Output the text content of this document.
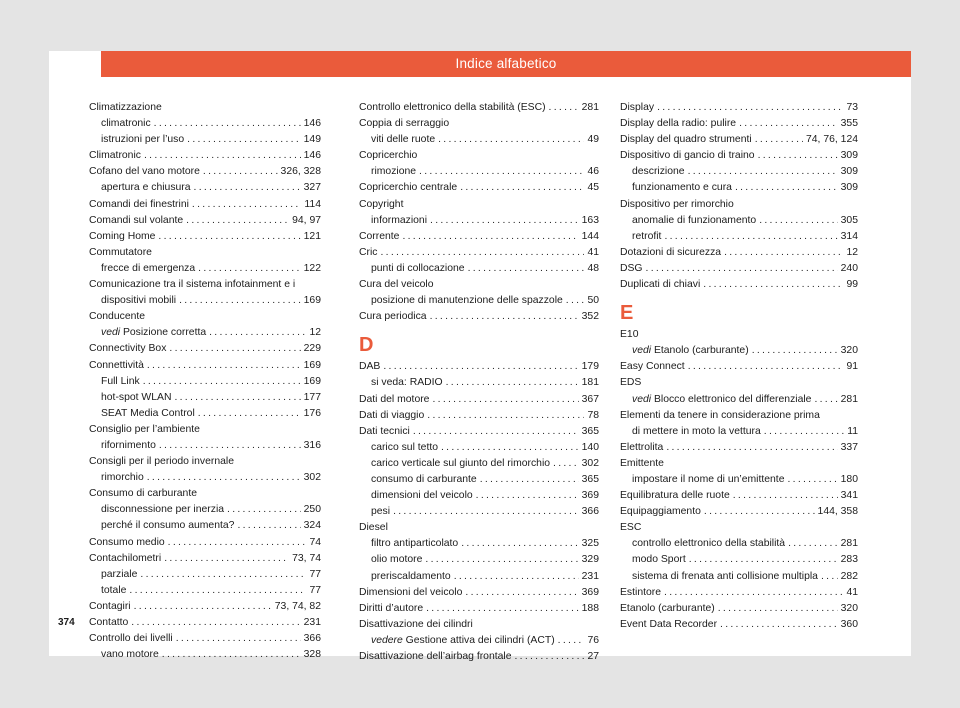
Indice alfabetico
Climatizzazione
climatronic . . .	146
istruzioni per l’uso . . .	149
Climatronic . . .	146
Cofano del vano motore . . .	326, 328
apertura e chiusura . . .	327
Comandi dei finestrini . . .	114
Comandi sul volante . . .	94, 97
Coming Home . . .	121
Commutatore
frecce di emergenza . . .	122
Comunicazione tra il sistema infotainment e i
dispositivi mobili . . .	169
Conducente
vedi Posizione corretta . . .	12
Connectivity Box . . .	229
Connettività . . .	169
Full Link . . .	169
hot-spot WLAN . . .	177
SEAT Media Control . . .	176
Consiglio per l’ambiente
rifornimento . . .	316
Consigli per il periodo invernale
rimorchio . . .	302
Consumo di carburante
disconnessione per inerzia . . .	250
perché il consumo aumenta? . . .	324
Consumo medio . . .	74
Contachilometri . . .	73, 74
parziale . . .	77
totale . . .	77
Contagiri . . .	73, 74, 82
Contatto . . .	231
Controllo dei livelli . . .	366
vano motore . . .	328
Controllo elettronico della stabilità (ESC) . . .	281
Coppia di serraggio
viti delle ruote . . .	49
Copricerchio
rimozione . . .	46
Copricerchio centrale . . .	45
Copyright
informazioni . . .	163
Corrente . . .	144
Cric . . .	41
punti di collocazione . . .	48
Cura del veicolo
posizione di manutenzione delle spazzole . . . 50
Cura periodica . . .	352
D
DAB . . .	179
si veda: RADIO . . .	181
Dati del motore . . .	367
Dati di viaggio . . .	78
Dati tecnici . . .	365
carico sul tetto . . .	140
carico verticale sul giunto del rimorchio . . .	302
consumo di carburante . . .	365
dimensioni del veicolo . . .	369
pesi . . .	366
Diesel
filtro antiparticolato . . .	325
olio motore . . .	329
preriscaldamento . . .	231
Dimensioni del veicolo . . .	369
Diritti d’autore . . .	188
Disattivazione dei cilindri
vedere Gestione attiva dei cilindri (ACT) . . .	76
Disattivazione dell’airbag frontale . . .	27
Display . . .	73
Display della radio: pulire . . .	355
Display del quadro strumenti . . .	74, 76, 124
Dispositivo di gancio di traino . . .	309
descrizione . . .	309
funzionamento e cura . . .	309
Dispositivo per rimorchio
anomalie di funzionamento . . .	305
retrofit . . .	314
Dotazioni di sicurezza . . .	12
DSG . . .	240
Duplicati di chiavi . . .	99
E
E10
vedi Etanolo (carburante) . . .	320
Easy Connect . . .	91
EDS
vedi Blocco elettronico del differenziale . . .	281
Elementi da tenere in considerazione prima
di mettere in moto la vettura . . .	11
Elettrolita . . .	337
Emittente
impostare il nome di un’emittente . . .	180
Equilibratura delle ruote . . .	341
Equipaggiamento . . .	144, 358
ESC
controllo elettronico della stabilità . . .	281
modo Sport . . .	283
sistema di frenata anti collisione multipla . . . 282
Estintore . . .	41
Etanolo (carburante) . . .	320
Event Data Recorder . . .	360
374
